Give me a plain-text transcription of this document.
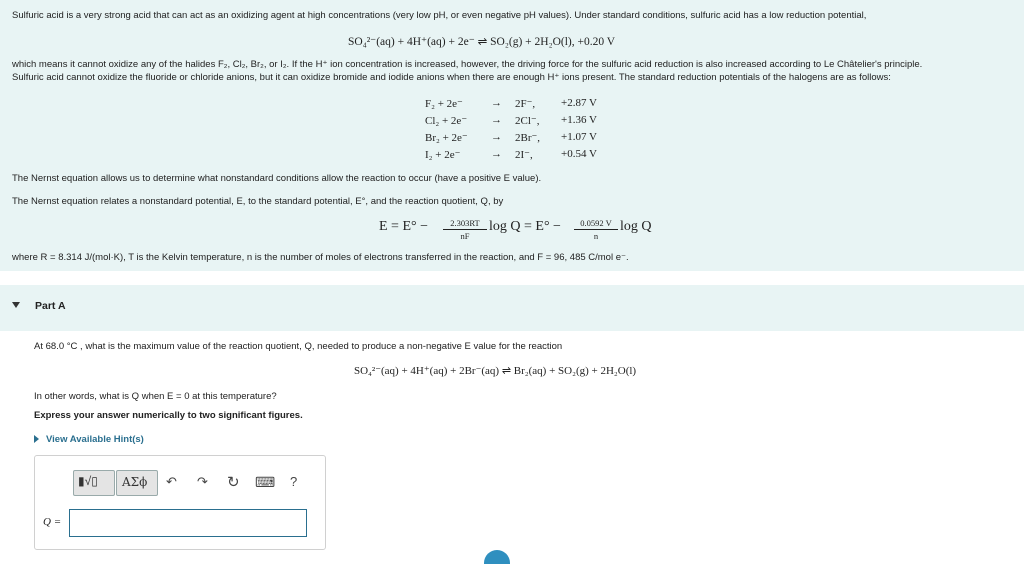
Sulfuric acid is a very strong acid that can act as an oxidizing agent at high concentrations (very low pH, or even negative pH values). Under standard conditions, sulfuric acid has a low reduction potential,
SO₄²⁻(aq) + 4H⁺(aq) + 2e⁻ ⇌ SO₂(g) + 2H₂O(l), +0.20 V
which means it cannot oxidize any of the halides F₂, Cl₂, Br₂, or I₂. If the H⁺ ion concentration is increased, however, the driving force for the sulfuric acid reduction is also increased according to Le Châtelier's principle.
Sulfuric acid cannot oxidize the fluoride or chloride anions, but it can oxidize bromide and iodide anions when there are enough H⁺ ions present. The standard reduction potentials of the halogens are as follows:
F₂ + 2e⁻	→ 2F⁻, +2.87 V
Cl₂ + 2e⁻ → 2Cl⁻, +1.36 V
Br₂ + 2e⁻ → 2Br⁻, +1.07 V
I₂ + 2e⁻	→ 2I⁻,	+0.54 V
The Nernst equation allows us to determine what nonstandard conditions allow the reaction to occur (have a positive E value).
The Nernst equation relates a nonstandard potential, E, to the standard potential, E°, and the reaction quotient, Q, by
E = E° −	2.303RT
nF
log Q = E° −	0.0592 V
n
log Q
where R = 8.314 J/(mol·K), T is the Kelvin temperature, n is the number of moles of electrons transferred in the reaction, and F = 96, 485 C/mol e⁻.
Part A
At 68.0 °C , what is the maximum value of the reaction quotient, Q, needed to produce a non-negative E value for the reaction
SO₄²⁻(aq) + 4H⁺(aq) + 2Br⁻(aq) ⇌ Br₂(aq) + SO₂(g) + 2H₂O(l)
In other words, what is Q when E = 0 at this temperature?
Express your answer numerically to two significant figures.
View Available Hint(s)
▮√▯ ΑΣϕ ↶ ↷ ↻ ⌨ ?
Q =
